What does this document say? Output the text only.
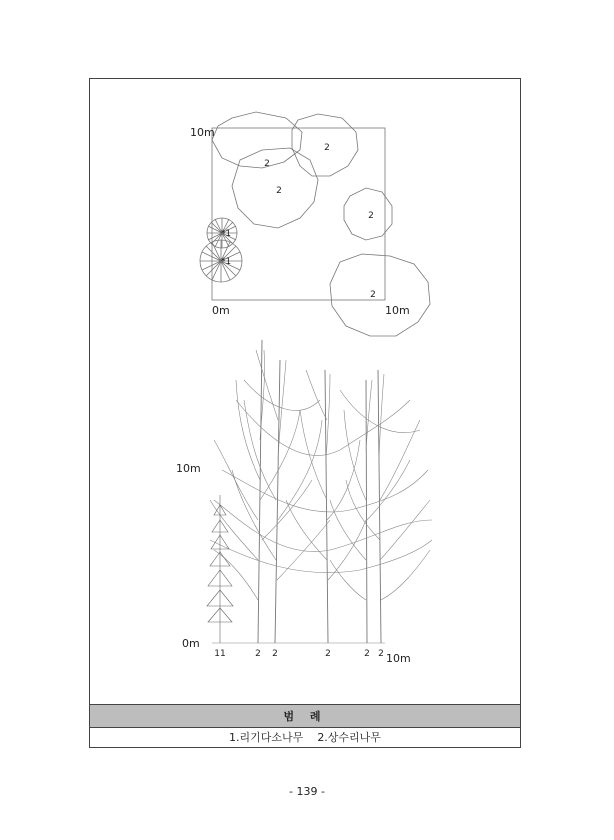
범 례
1.리기다소나무 2.상수리나무
2
2
2
2
2
*1
*1
10m
0m	10m
11	2 2	2	2 2
10m
0m
10m
- 139 -
